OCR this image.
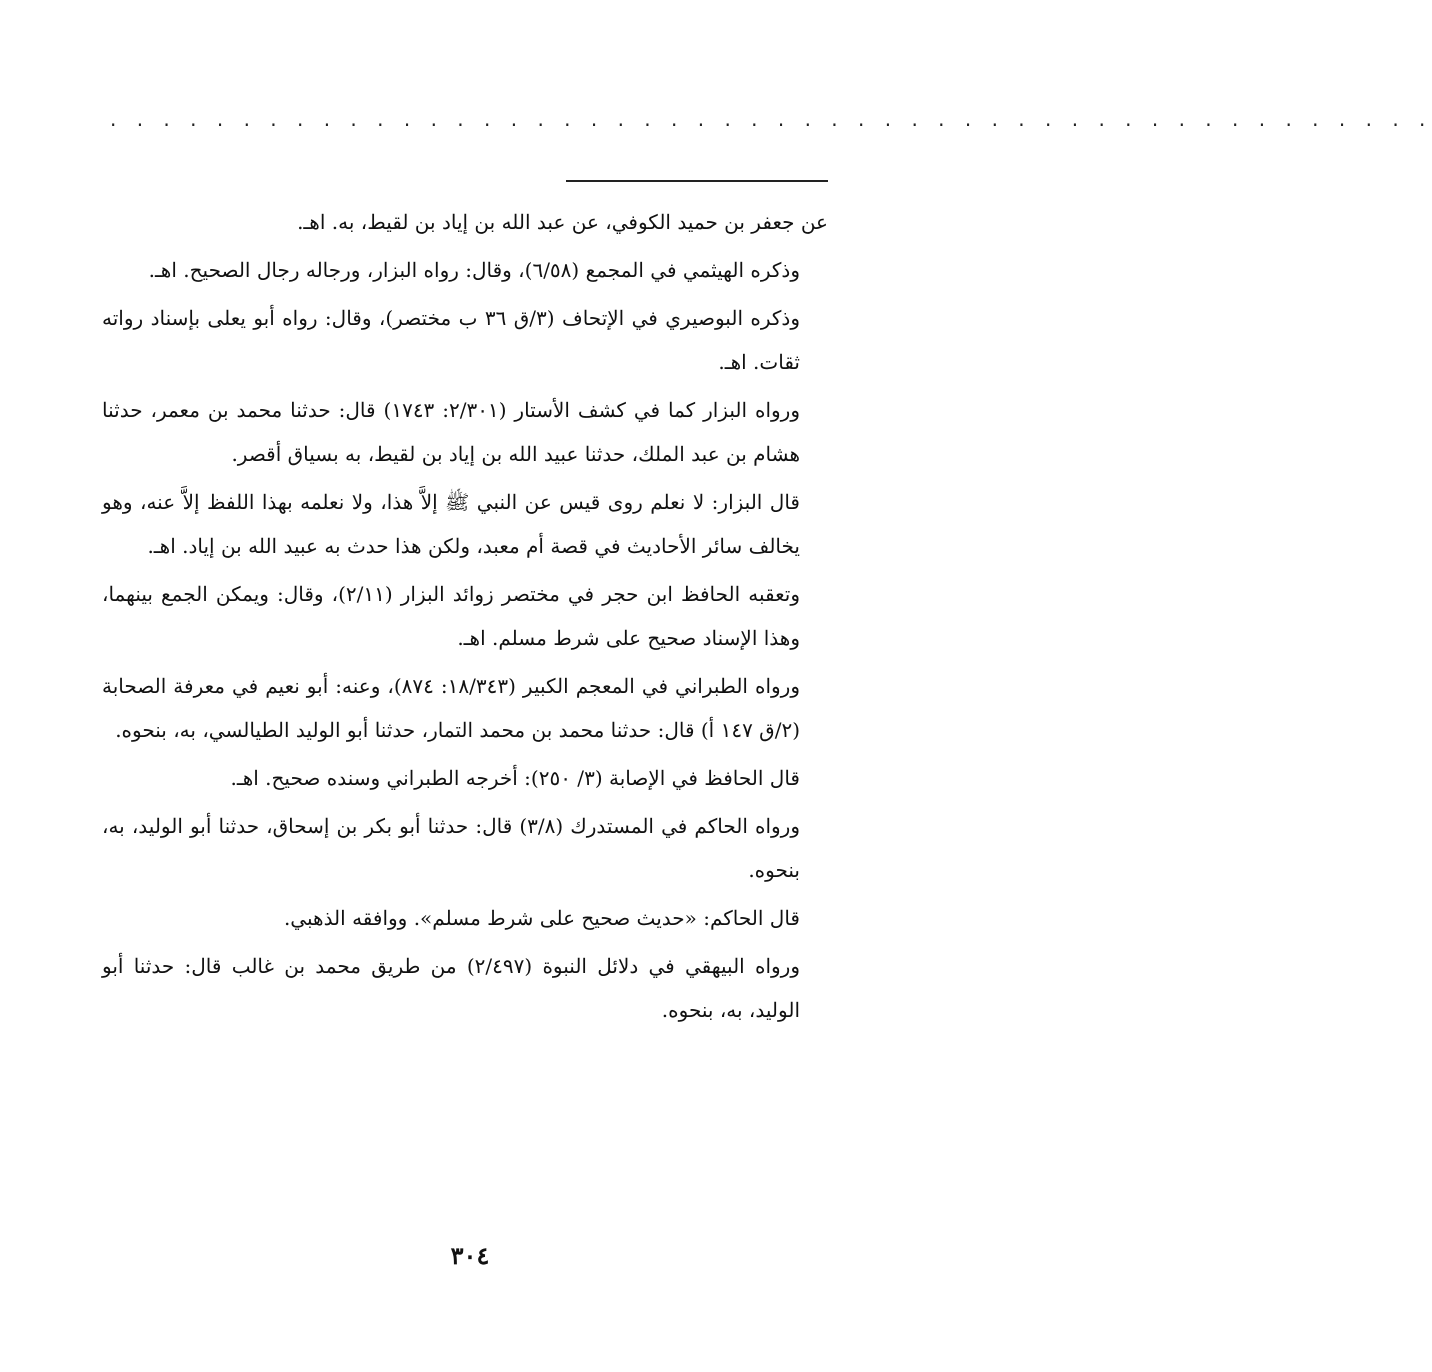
. . . . . . . . . . . . . . . . . . . . . . . . . . . . . . . . . . . . . . . . . . . . . . . . . .

عن جعفر بن حميد الكوفي، عن عبد الله بن إياد بن لقيط، به. اهـ.

وذكره الهيثمي في المجمع (٦/٥٨)، وقال: رواه البزار، ورجاله رجال الصحيح. اهـ.

وذكره البوصيري في الإتحاف (٣/ق ٣٦ ب مختصر)، وقال: رواه أبو يعلى بإسناد رواته ثقات. اهـ.

ورواه البزار كما في كشف الأستار (٢/٣٠١: ١٧٤٣) قال: حدثنا محمد بن معمر، حدثنا هشام بن عبد الملك، حدثنا عبيد الله بن إياد بن لقيط، به بسياق أقصر.

قال البزار: لا نعلم روى قيس عن النبي ﷺ إلاَّ هذا، ولا نعلمه بهذا اللفظ إلاَّ عنه، وهو يخالف سائر الأحاديث في قصة أم معبد، ولكن هذا حدث به عبيد الله بن إياد. اهـ.

وتعقبه الحافظ ابن حجر في مختصر زوائد البزار (٢/١١)، وقال: ويمكن الجمع بينهما، وهذا الإسناد صحيح على شرط مسلم. اهـ.

ورواه الطبراني في المعجم الكبير (١٨/٣٤٣: ٨٧٤)، وعنه: أبو نعيم في معرفة الصحابة (٢/ق ١٤٧ أ) قال: حدثنا محمد بن محمد التمار، حدثنا أبو الوليد الطيالسي، به، بنحوه.

قال الحافظ في الإصابة (٣/ ٢٥٠): أخرجه الطبراني وسنده صحيح. اهـ.

ورواه الحاكم في المستدرك (٣/٨) قال: حدثنا أبو بكر بن إسحاق، حدثنا أبو الوليد، به، بنحوه.

قال الحاكم: «حديث صحيح على شرط مسلم». ووافقه الذهبي.

ورواه البيهقي في دلائل النبوة (٢/٤٩٧) من طريق محمد بن غالب قال: حدثنا أبو الوليد، به، بنحوه.

٣٠٤
